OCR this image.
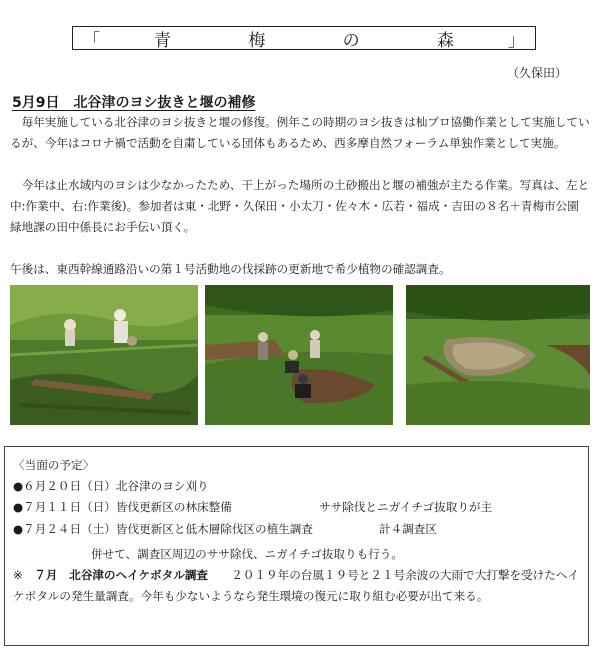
「	青	梅	の	森	」
（久保田）
5月9日　北谷津のヨシ抜きと堰の補修

　毎年実施している北谷津のヨシ抜きと堰の修復。例年この時期のヨシ抜きは杣プロ協働作業として実施しているが、今年はコロナ禍で活動を自粛している団体もあるため、西多摩自然フォーラム単独作業として実施。

　今年は止水域内のヨシは少なかったため、干上がった場所の土砂搬出と堰の補強が主たる作業。写真は、左と中:作業中、右:作業後)。参加者は東・北野・久保田・小太刀・佐々木・広若・福成・吉田の８名＋青梅市公園緑地課の田中係長にお手伝い頂く。

午後は、東西幹線通路沿いの第１号活動地の伐採跡の更新地で希少植物の確認調査。

〈当面の予定〉
●６月２０日（日）北谷津のヨシ刈り
●７月１１日（日）皆伐更新区の林床整備	ササ除伐とニガイチゴ抜取りが主
●７月２４日（土）皆伐更新区と低木層除伐区の植生調査	計４調査区
併せて、調査区周辺のササ除伐、ニガイチゴ抜取りも行う。

※　 ７月　北谷津のヘイケボタル調査　　 ２０１９年の台風１９号と２１号余波の大雨で大打撃を受けたヘイケボタルの発生量調査。今年も少ないようなら発生環境の復元に取り組む必要が出て来る。
